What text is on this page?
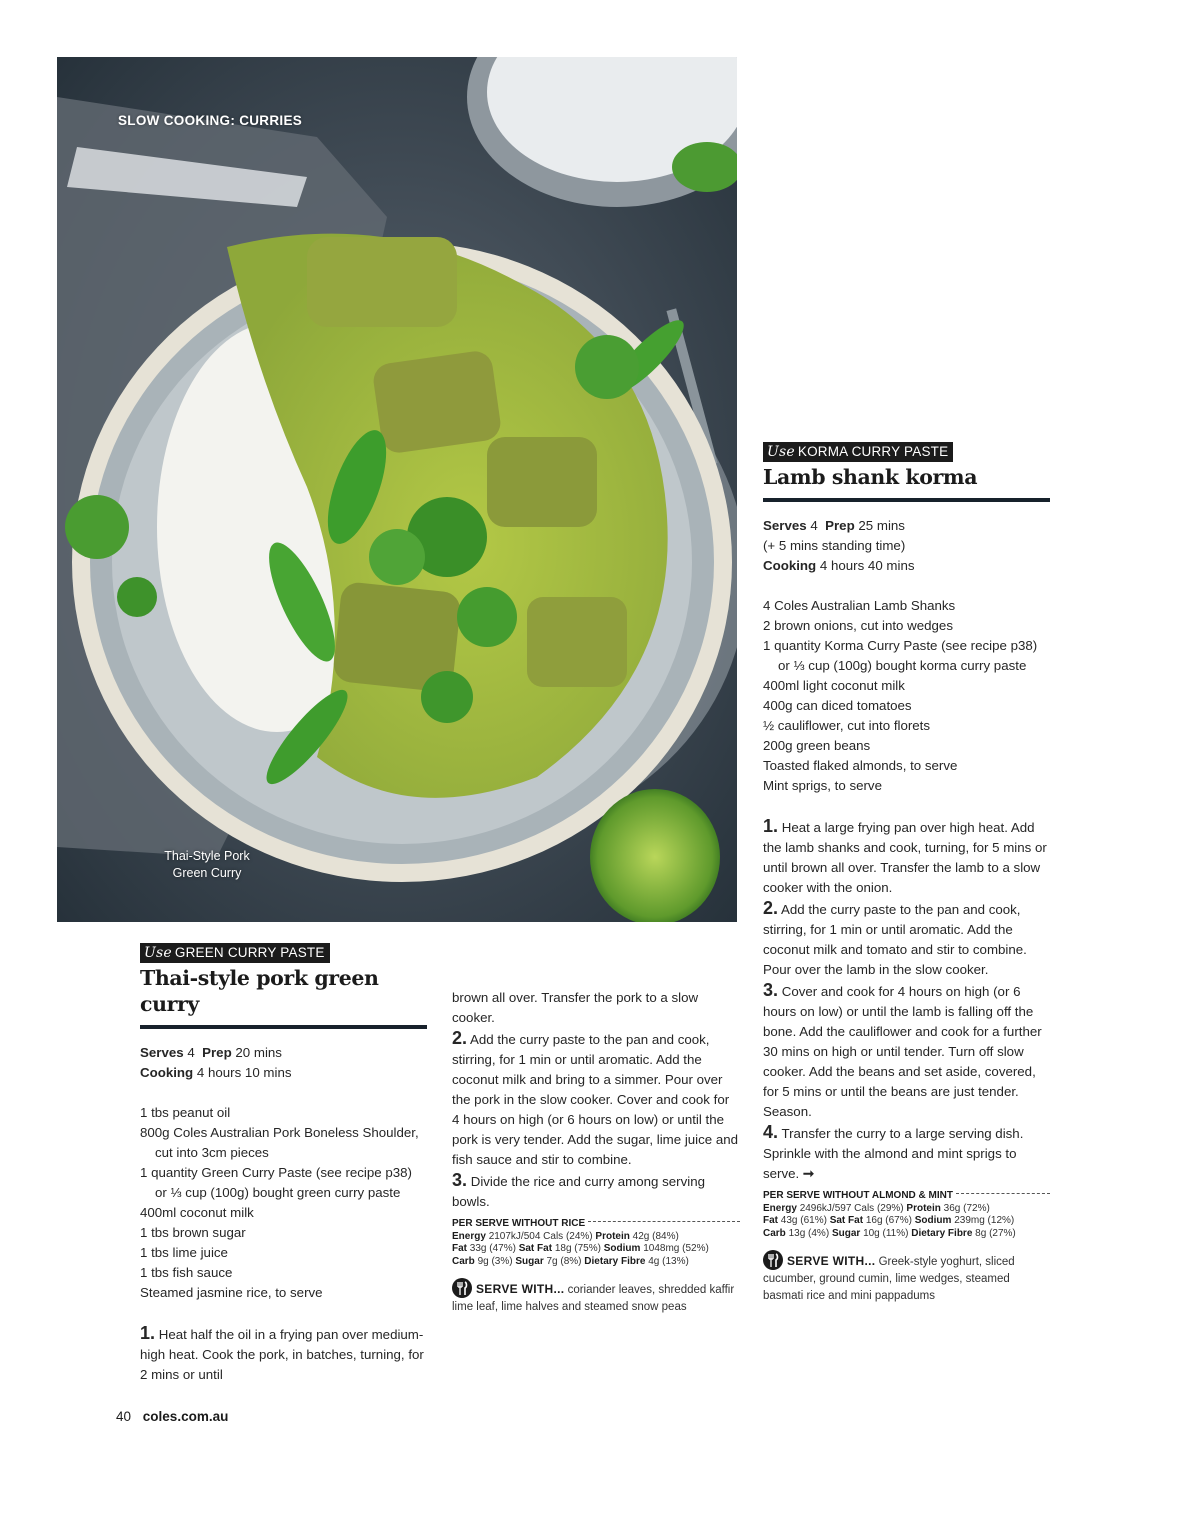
SLOW COOKING: CURRIES
Thai-Style Pork
Green Curry
Use GREEN CURRY PASTE
Thai-style pork green curry
Serves 4 Prep 20 mins
Cooking 4 hours 10 mins
1 tbs peanut oil
800g Coles Australian Pork Boneless Shoulder, cut into 3cm pieces
1 quantity Green Curry Paste (see recipe p38) or ⅓ cup (100g) bought green curry paste
400ml coconut milk
1 tbs brown sugar
1 tbs lime juice
1 tbs fish sauce
Steamed jasmine rice, to serve

1. Heat half the oil in a frying pan over medium-high heat. Cook the pork, in batches, turning, for 2 mins or until

brown all over. Transfer the pork to a slow cooker.

2. Add the curry paste to the pan and cook, stirring, for 1 min or until aromatic. Add the coconut milk and bring to a simmer. Pour over the pork in the slow cooker. Cover and cook for 4 hours on high (or 6 hours on low) or until the pork is very tender. Add the sugar, lime juice and fish sauce and stir to combine.

3. Divide the rice and curry among serving bowls.

PER SERVE WITHOUT RICE
Energy 2107kJ/504 Cals (24%) Protein 42g (84%)
Fat 33g (47%) Sat Fat 18g (75%) Sodium 1048mg (52%)
Carb 9g (3%) Sugar 7g (8%) Dietary Fibre 4g (13%)
SERVE WITH... coriander leaves, shredded kaffir lime leaf, lime halves and steamed snow peas
Use KORMA CURRY PASTE
Lamb shank korma
Serves 4 Prep 25 mins
(+ 5 mins standing time)
Cooking 4 hours 40 mins
4 Coles Australian Lamb Shanks
2 brown onions, cut into wedges
1 quantity Korma Curry Paste (see recipe p38) or ⅓ cup (100g) bought korma curry paste
400ml light coconut milk
400g can diced tomatoes
½ cauliflower, cut into florets
200g green beans
Toasted flaked almonds, to serve
Mint sprigs, to serve

1. Heat a large frying pan over high heat. Add the lamb shanks and cook, turning, for 5 mins or until brown all over. Transfer the lamb to a slow cooker with the onion.

2. Add the curry paste to the pan and cook, stirring, for 1 min or until aromatic. Add the coconut milk and tomato and stir to combine. Pour over the lamb in the slow cooker.

3. Cover and cook for 4 hours on high (or 6 hours on low) or until the lamb is falling off the bone. Add the cauliflower and cook for a further 30 mins on high or until tender. Turn off slow cooker. Add the beans and set aside, covered, for 5 mins or until the beans are just tender. Season.

4. Transfer the curry to a large serving dish. Sprinkle with the almond and mint sprigs to serve. ➞

PER SERVE WITHOUT ALMOND & MINT
Energy 2496kJ/597 Cals (29%) Protein 36g (72%)
Fat 43g (61%) Sat Fat 16g (67%) Sodium 239mg (12%)
Carb 13g (4%) Sugar 10g (11%) Dietary Fibre 8g (27%)
SERVE WITH... Greek-style yoghurt, sliced cucumber, ground cumin, lime wedges, steamed basmati rice and mini pappadums
40 coles.com.au
